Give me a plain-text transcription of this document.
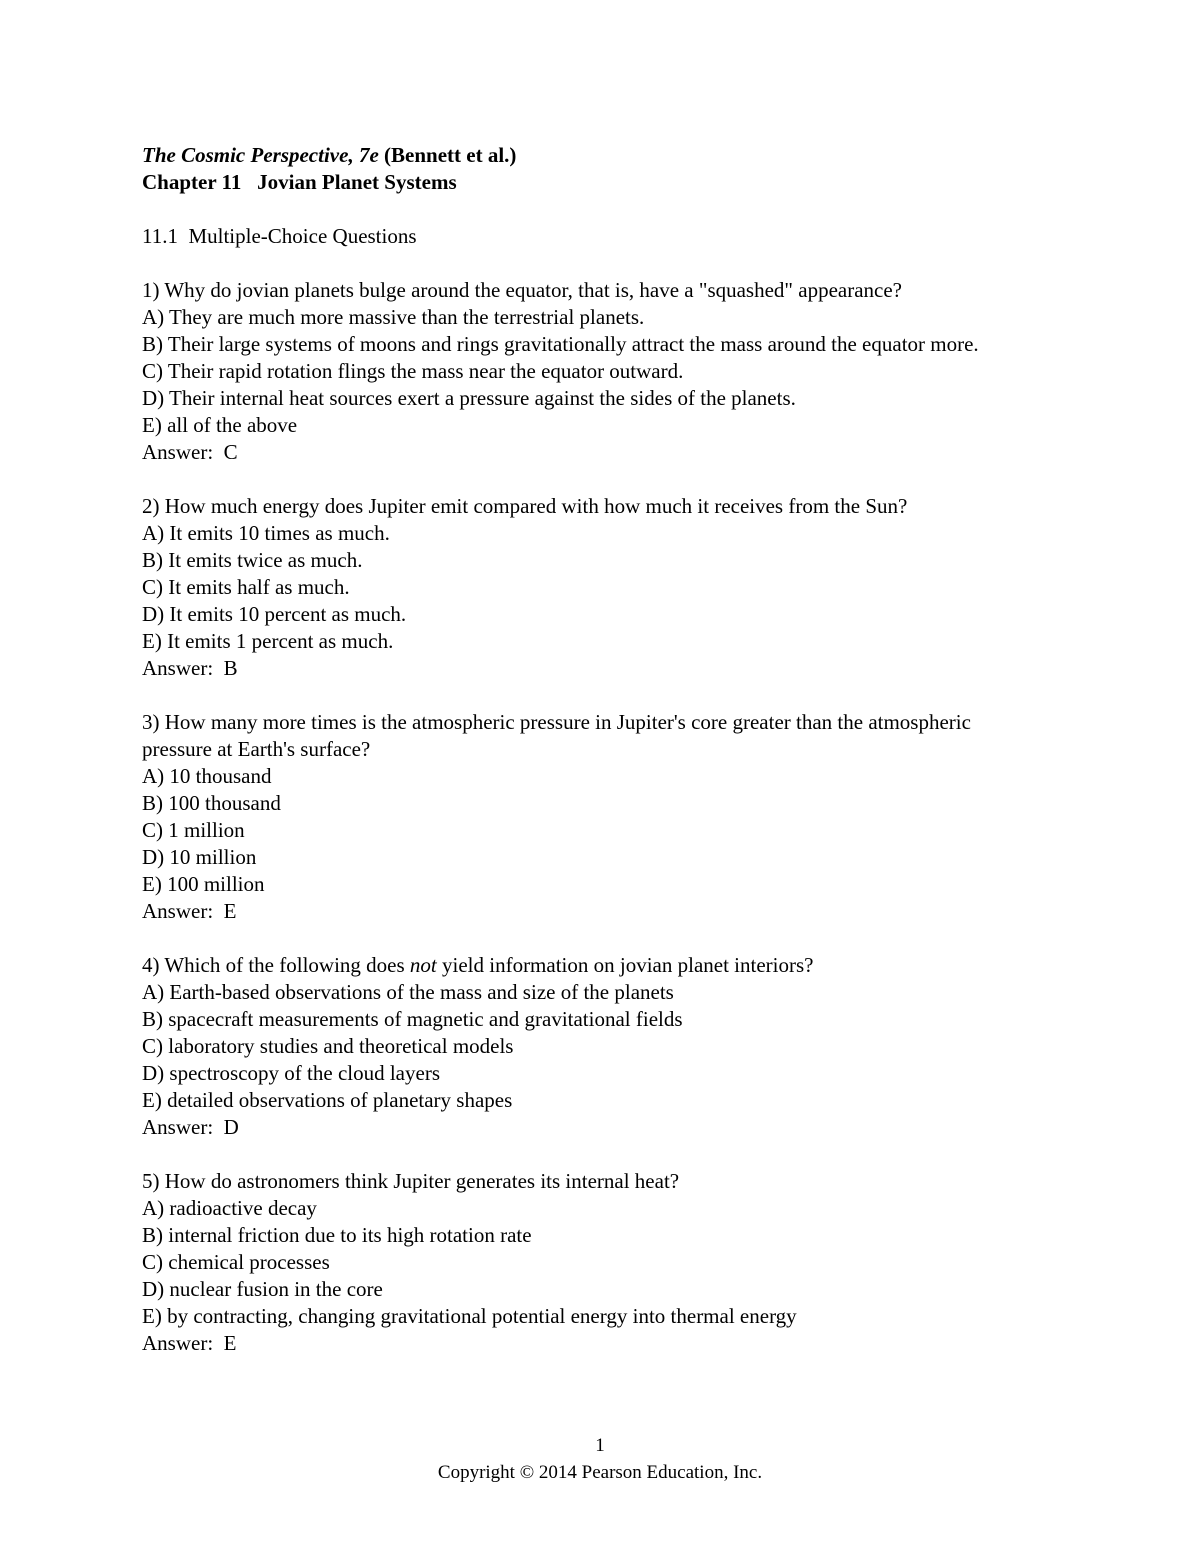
The Cosmic Perspective, 7e (Bennett et al.)
Chapter 11   Jovian Planet Systems
11.1  Multiple-Choice Questions
1) Why do jovian planets bulge around the equator, that is, have a "squashed" appearance?
A) They are much more massive than the terrestrial planets.
B) Their large systems of moons and rings gravitationally attract the mass around the equator more.
C) Their rapid rotation flings the mass near the equator outward.
D) Their internal heat sources exert a pressure against the sides of the planets.
E) all of the above
Answer:  C
2) How much energy does Jupiter emit compared with how much it receives from the Sun?
A) It emits 10 times as much.
B) It emits twice as much.
C) It emits half as much.
D) It emits 10 percent as much.
E) It emits 1 percent as much.
Answer:  B
3) How many more times is the atmospheric pressure in Jupiter's core greater than the atmospheric pressure at Earth's surface?
A) 10 thousand
B) 100 thousand
C) 1 million
D) 10 million
E) 100 million
Answer:  E
4) Which of the following does not yield information on jovian planet interiors?
A) Earth-based observations of the mass and size of the planets
B) spacecraft measurements of magnetic and gravitational fields
C) laboratory studies and theoretical models
D) spectroscopy of the cloud layers
E) detailed observations of planetary shapes
Answer:  D
5) How do astronomers think Jupiter generates its internal heat?
A) radioactive decay
B) internal friction due to its high rotation rate
C) chemical processes
D) nuclear fusion in the core
E) by contracting, changing gravitational potential energy into thermal energy
Answer:  E
1
Copyright © 2014 Pearson Education, Inc.
